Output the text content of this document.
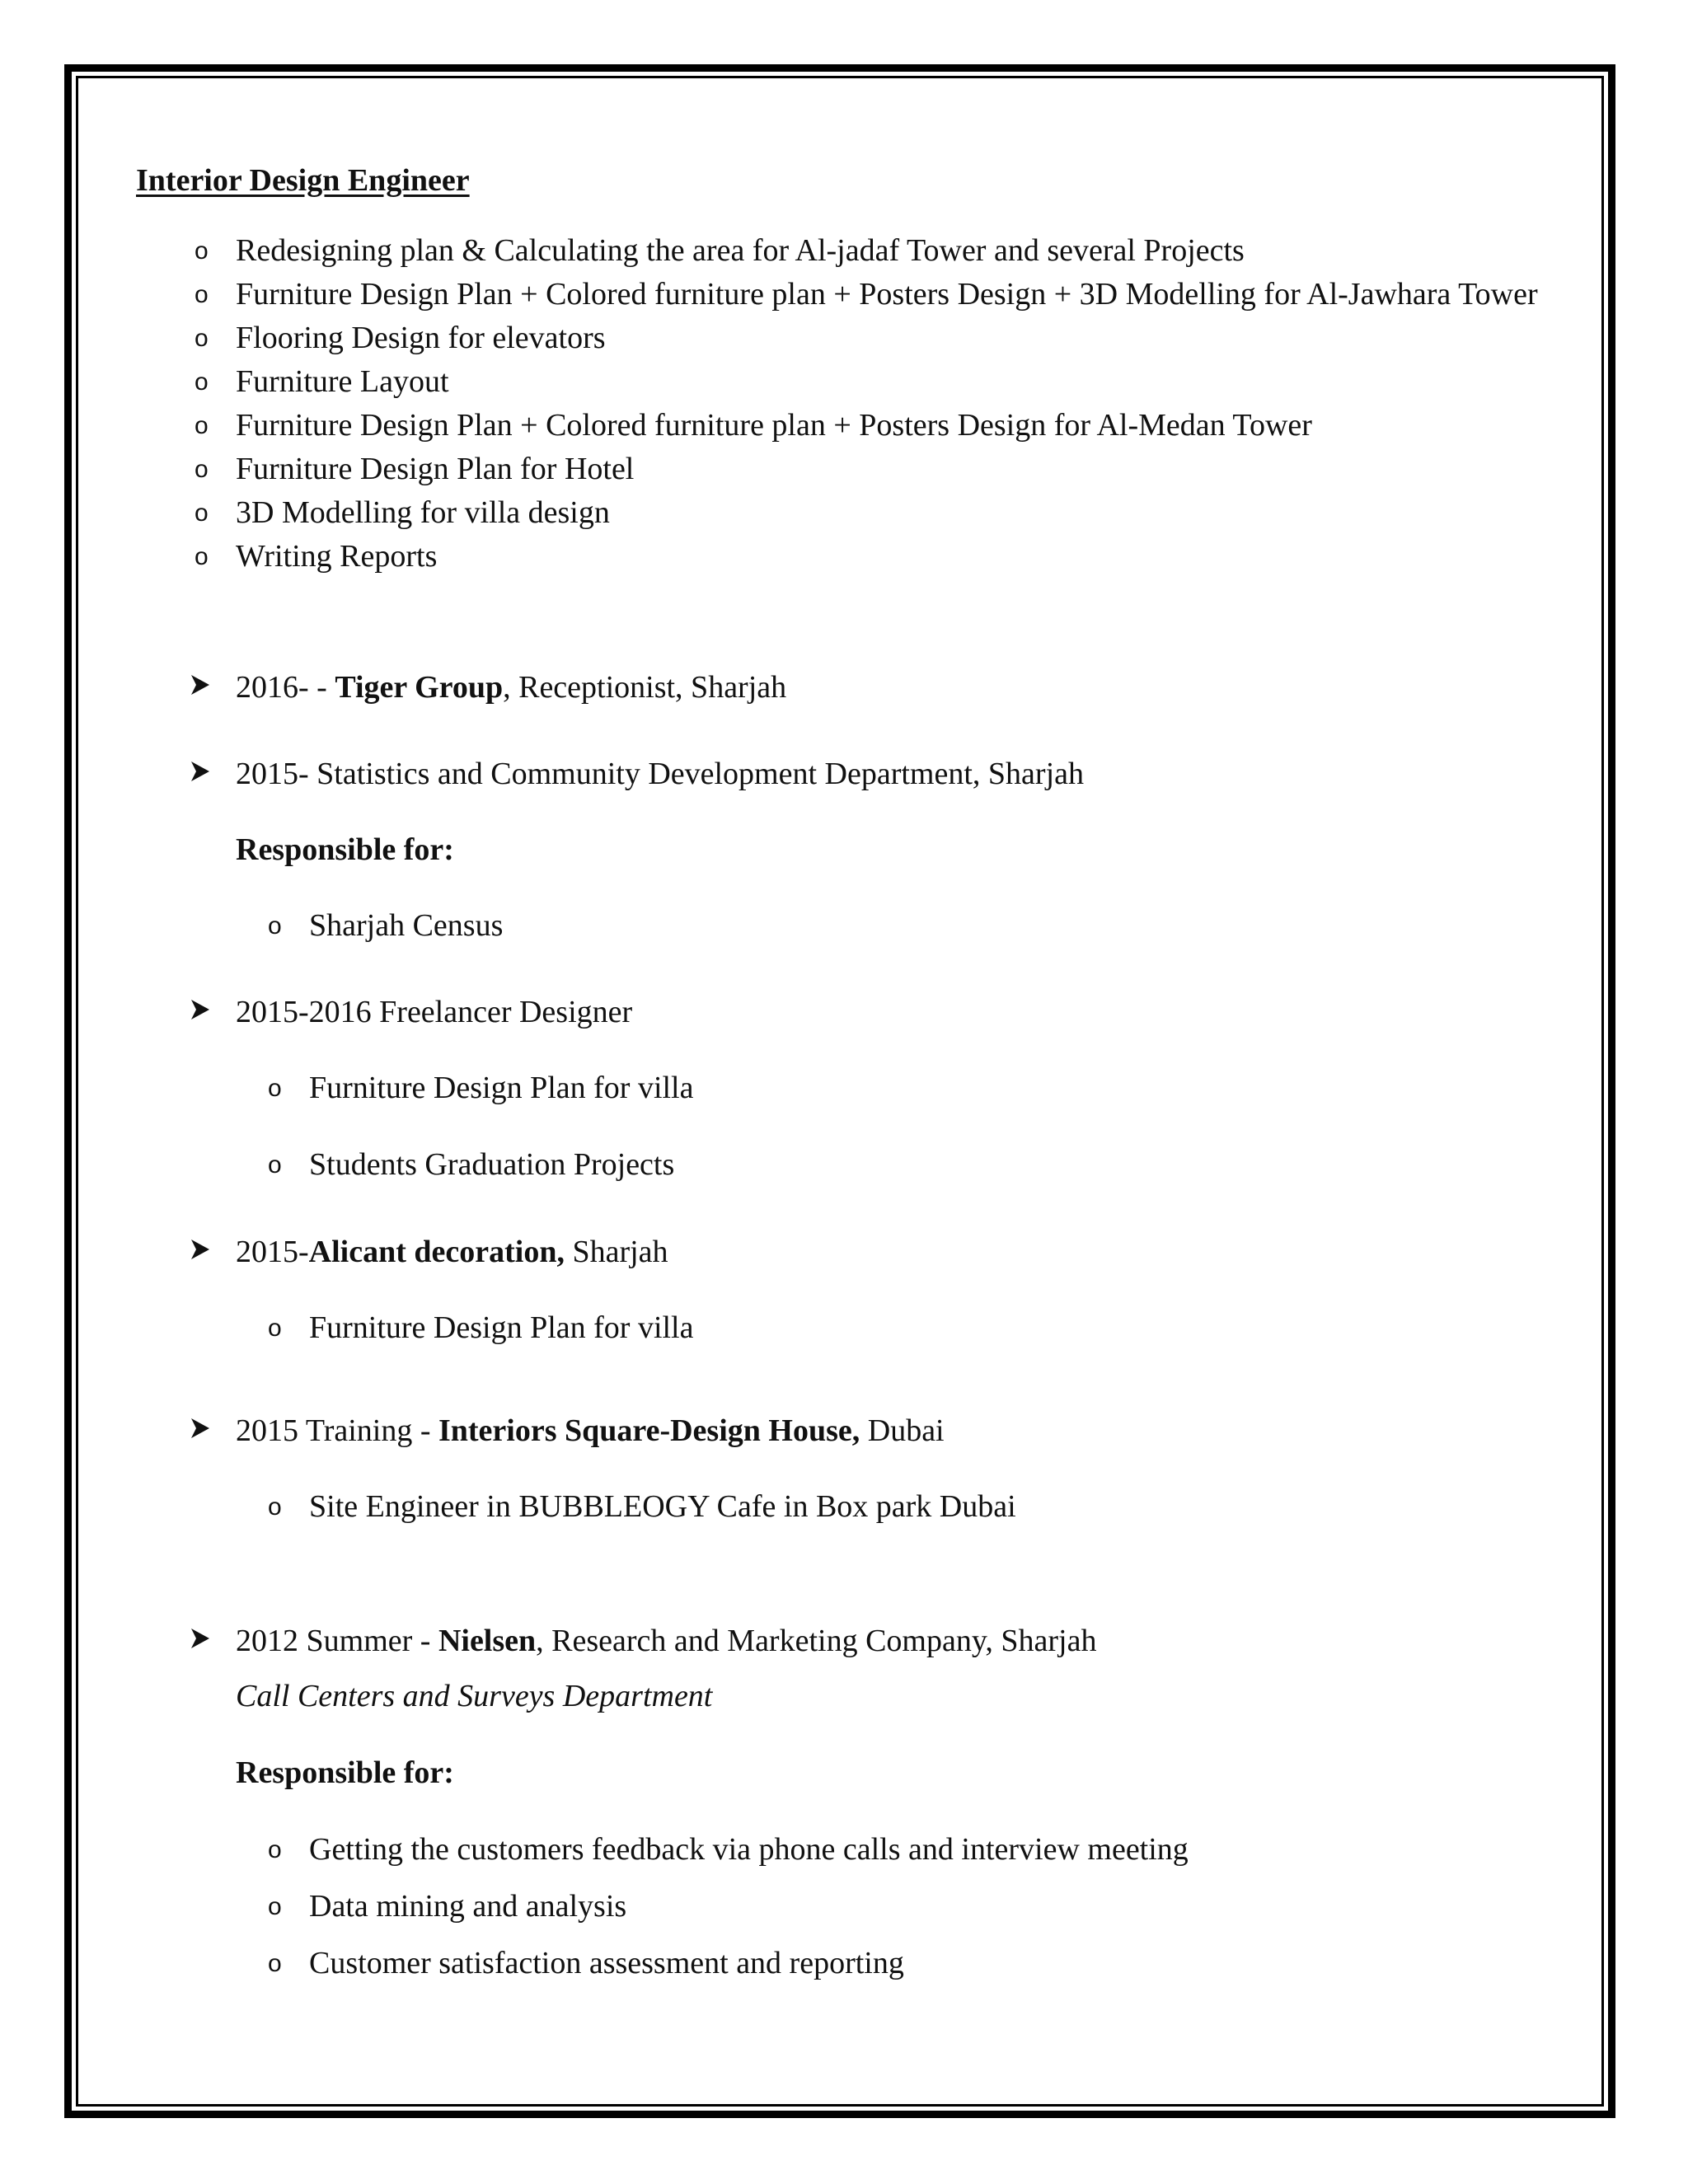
Interior Design Engineer
o Redesigning plan & Calculating the area for Al-jadaf Tower and several Projects
o Furniture Design Plan + Colored furniture plan + Posters Design + 3D Modelling for Al-Jawhara Tower
o Flooring Design for elevators
o Furniture Layout
o Furniture Design Plan + Colored furniture plan + Posters Design for Al-Medan Tower
o Furniture Design Plan for Hotel
o 3D Modelling for villa design
o Writing Reports
2016- - Tiger Group, Receptionist, Sharjah
2015- Statistics and Community Development Department, Sharjah
Responsible for:
o Sharjah Census
2015-2016 Freelancer Designer
o Furniture Design Plan for villa
o Students Graduation Projects
2015-Alicant decoration, Sharjah
o Furniture Design Plan for villa
2015 Training - Interiors Square-Design House, Dubai
o Site Engineer in BUBBLEOGY Cafe in Box park Dubai
2012 Summer - Nielsen, Research and Marketing Company, Sharjah
Call Centers and Surveys Department
Responsible for:
o Getting the customers feedback via phone calls and interview meeting
o Data mining and analysis
o Customer satisfaction assessment and reporting
